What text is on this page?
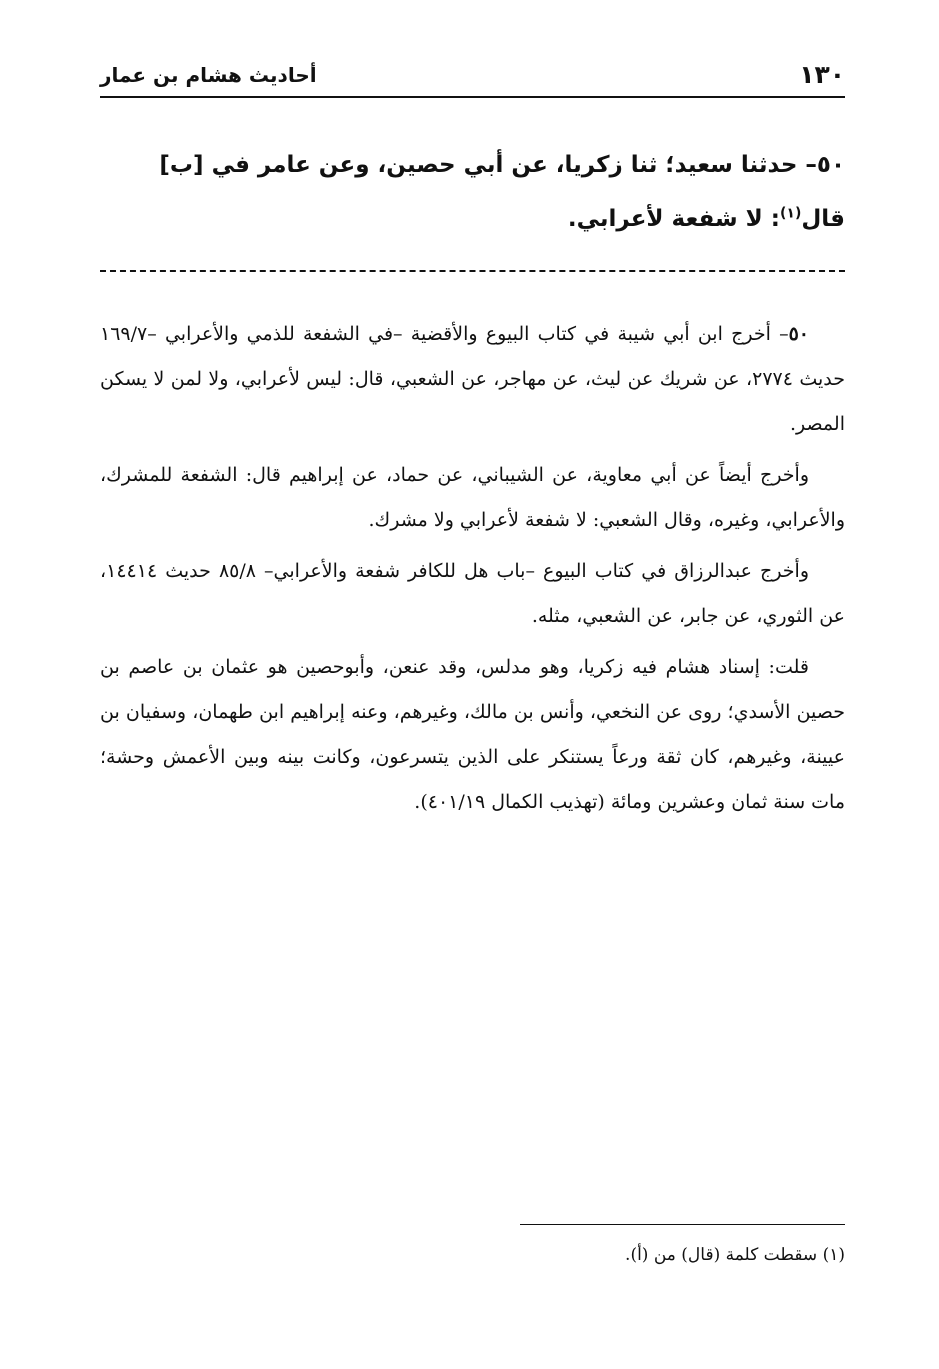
١٣٠
أحاديث هشام بن عمار
٥٠– حدثنا سعيد؛ ثنا زكريا، عن أبي حصين، وعن عامر في [ب] قال$^{(١)}$: لا شفعة لأعرابي.

٥٠– أخرج ابن أبي شيبة في كتاب البيوع والأقضية –في الشفعة للذمي والأعرابي –١٦٩/٧ حديث ٢٧٧٤، عن شريك عن ليث، عن مهاجر، عن الشعبي، قال: ليس لأعرابي، ولا لمن لا يسكن المصر.

وأخرج أيضاً عن أبي معاوية، عن الشيباني، عن حماد، عن إبراهيم قال: الشفعة للمشرك، والأعرابي، وغيره، وقال الشعبي: لا شفعة لأعرابي ولا مشرك.

وأخرج عبدالرزاق في كتاب البيوع –باب هل للكافر شفعة والأعرابي– ٨٥/٨ حديث ١٤٤١٤، عن الثوري، عن جابر، عن الشعبي، مثله.

قلت: إسناد هشام فيه زكريا، وهو مدلس، وقد عنعن، وأبوحصين هو عثمان بن عاصم بن حصين الأسدي؛ روى عن النخعي، وأنس بن مالك، وغيرهم، وعنه إبراهيم ابن طهمان، وسفيان بن عيينة، وغيرهم، كان ثقة ورعاً يستنكر على الذين يتسرعون، وكانت بينه وبين الأعمش وحشة؛ مات سنة ثمان وعشرين ومائة (تهذيب الكمال ٤٠١/١٩).

(١) سقطت كلمة (قال) من (أ).
